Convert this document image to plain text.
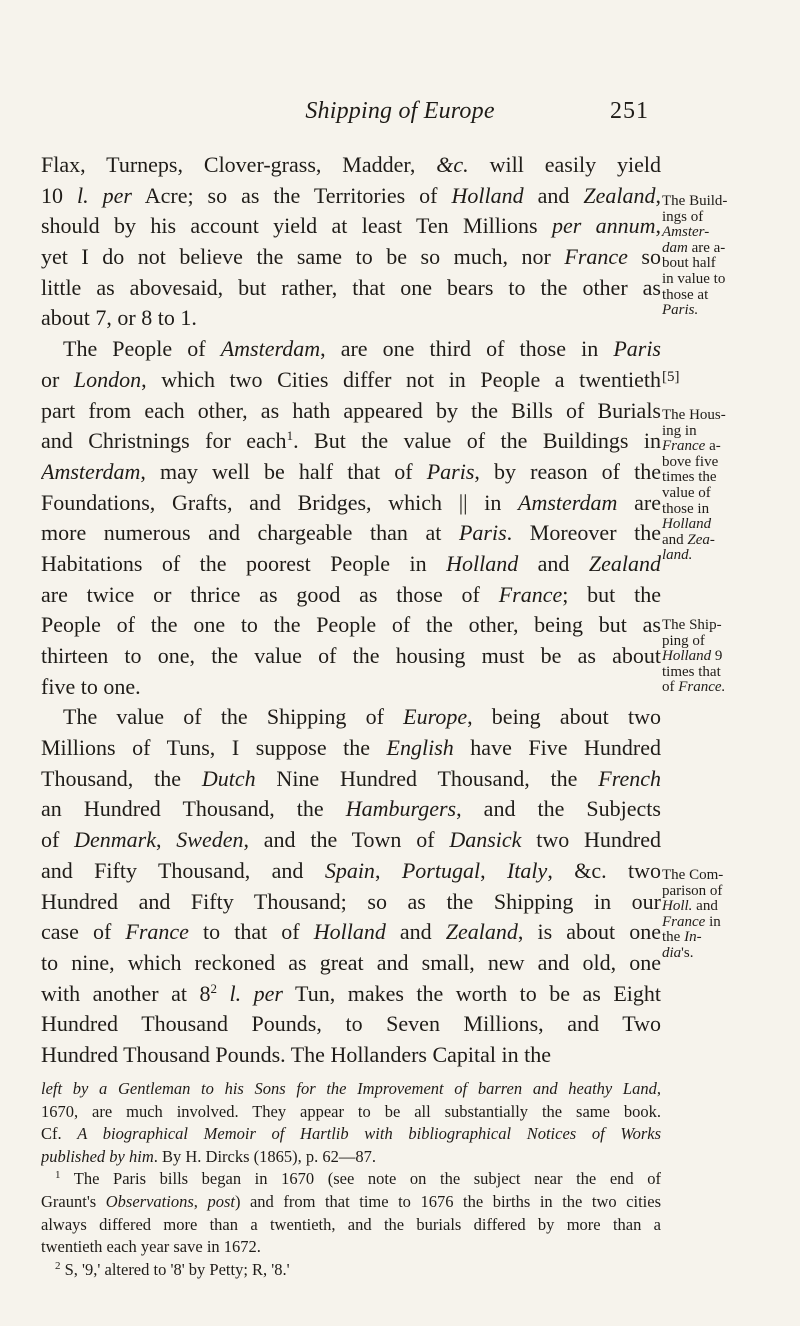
Shipping of Europe	251
Flax, Turneps, Clover-grass, Madder, &c. will easily yield
10 l. per Acre; so as the Territories of Holland and Zealand,
should by his account yield at least Ten Millions per annum,
yet I do not believe the same to be so much, nor France so
little as abovesaid, but rather, that one bears to the other as
about 7, or 8 to 1.
The People of Amsterdam, are one third of those in Paris
or London, which two Cities differ not in People a twentieth
part from each other, as hath appeared by the Bills of Burials
and Christnings for each$^1$. But the value of the Buildings in
Amsterdam, may well be half that of Paris, by reason of the
Foundations, Grafts, and Bridges, which || in Amsterdam are
more numerous and chargeable than at Paris. Moreover the
Habitations of the poorest People in Holland and Zealand
are twice or thrice as good as those of France; but the
People of the one to the People of the other, being but as
thirteen to one, the value of the housing must be as about
five to one.
The value of the Shipping of Europe, being about two
Millions of Tuns, I suppose the English have Five Hundred
Thousand, the Dutch Nine Hundred Thousand, the French
an Hundred Thousand, the Hamburgers, and the Subjects
of Denmark, Sweden, and the Town of Dansick two Hundred
and Fifty Thousand, and Spain, Portugal, Italy, &c. two
Hundred and Fifty Thousand; so as the Shipping in our
case of France to that of Holland and Zealand, is about one
to nine, which reckoned as great and small, new and old, one
with another at $8^2$ l. per Tun, makes the worth to be as Eight
Hundred Thousand Pounds, to Seven Millions, and Two
Hundred Thousand Pounds. The Hollanders Capital in the
The Build-
ings of
Amster-
dam are a-
bout half
in value to
those at
Paris.
[5]
The Hous-
ing in
France a-
bove five
times the
value of
those in
Holland
and Zea-
land.
The Ship-
ping of
Holland 9
times that
of France.
The Com-
parison of
Holl. and
France in
the In-
dia's.
left by a Gentleman to his Sons for the Improvement of barren and heathy Land,
1670, are much involved. They appear to be all substantially the same book.
Cf. A biographical Memoir of Hartlib with bibliographical Notices of Works
published by him. By H. Dircks (1865), p. 62—87.
$^1$ The Paris bills began in 1670 (see note on the subject near the end of
Graunt's Observations, post) and from that time to 1676 the births in the two cities
always differed more than a twentieth, and the burials differed by more than a
twentieth each year save in 1672.
$^2$ S, '9,' altered to '8' by Petty; R, '8.'
